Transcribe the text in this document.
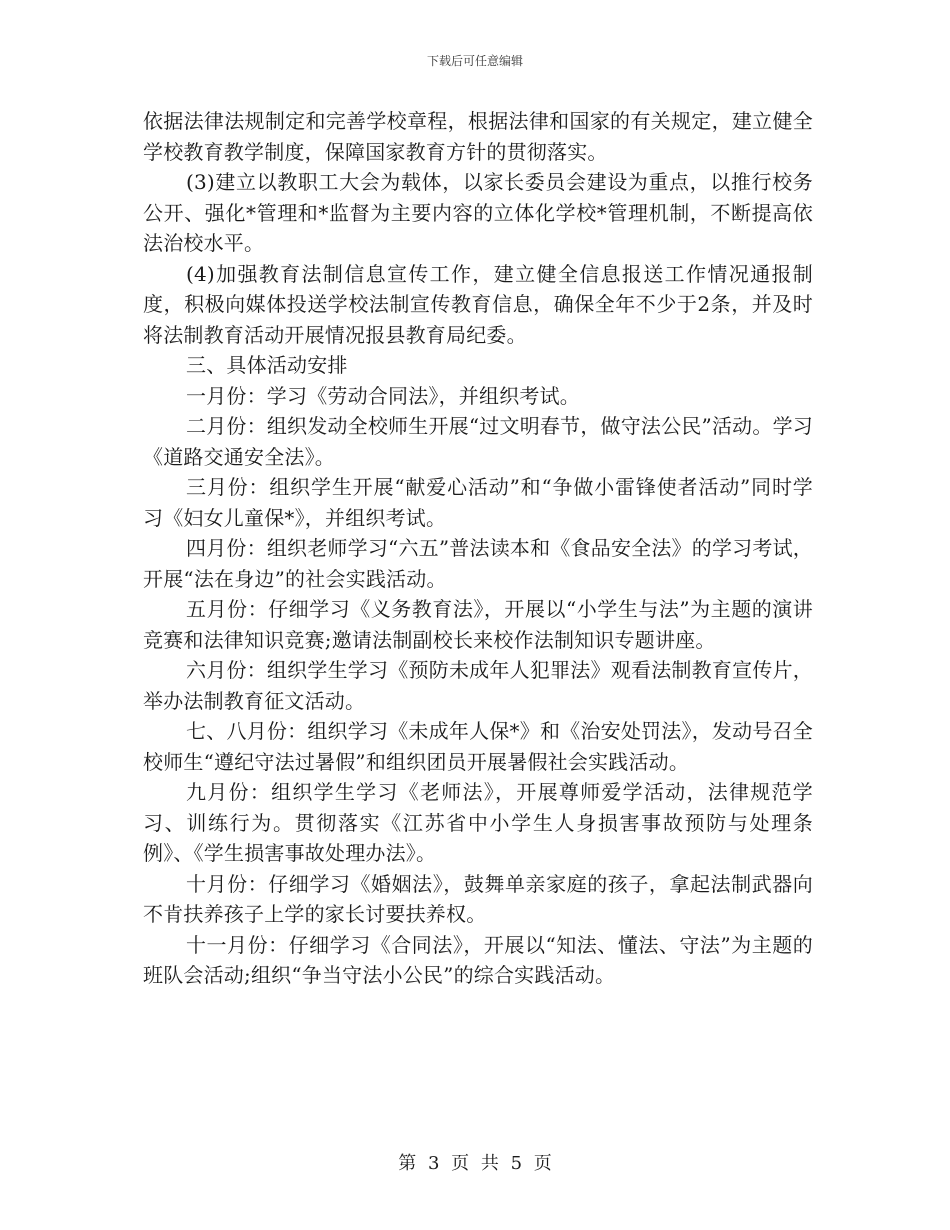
下载后可任意编辑

依据法律法规制定和完善学校章程，根据法律和国家的有关规定，建立健全学校教育教学制度，保障国家教育方针的贯彻落实。

(3)建立以教职工大会为载体，以家长委员会建设为重点，以推行校务公开、强化*管理和*监督为主要内容的立体化学校*管理机制，不断提高依法治校水平。

(4)加强教育法制信息宣传工作，建立健全信息报送工作情况通报制度，积极向媒体投送学校法制宣传教育信息，确保全年不少于2条，并及时将法制教育活动开展情况报县教育局纪委。

三、具体活动安排

一月份：学习《劳动合同法》，并组织考试。

二月份：组织发动全校师生开展“过文明春节，做守法公民”活动。学习《道路交通安全法》。

三月份：组织学生开展“献爱心活动”和“争做小雷锋使者活动”同时学习《妇女儿童保*》，并组织考试。

四月份：组织老师学习“六五”普法读本和《食品安全法》的学习考试，开展“法在身边”的社会实践活动。

五月份：仔细学习《义务教育法》，开展以“小学生与法”为主题的演讲竞赛和法律知识竞赛;邀请法制副校长来校作法制知识专题讲座。

六月份：组织学生学习《预防未成年人犯罪法》观看法制教育宣传片，举办法制教育征文活动。

七、八月份：组织学习《未成年人保*》和《治安处罚法》，发动号召全校师生“遵纪守法过暑假”和组织团员开展暑假社会实践活动。

九月份：组织学生学习《老师法》，开展尊师爱学活动，法律规范学习、训练行为。贯彻落实《江苏省中小学生人身损害事故预防与处理条例》、《学生损害事故处理办法》。

十月份：仔细学习《婚姻法》，鼓舞单亲家庭的孩子，拿起法制武器向不肯扶养孩子上学的家长讨要扶养权。

十一月份：仔细学习《合同法》，开展以“知法、懂法、守法”为主题的班队会活动;组织“争当守法小公民”的综合实践活动。

第 3 页 共 5 页
